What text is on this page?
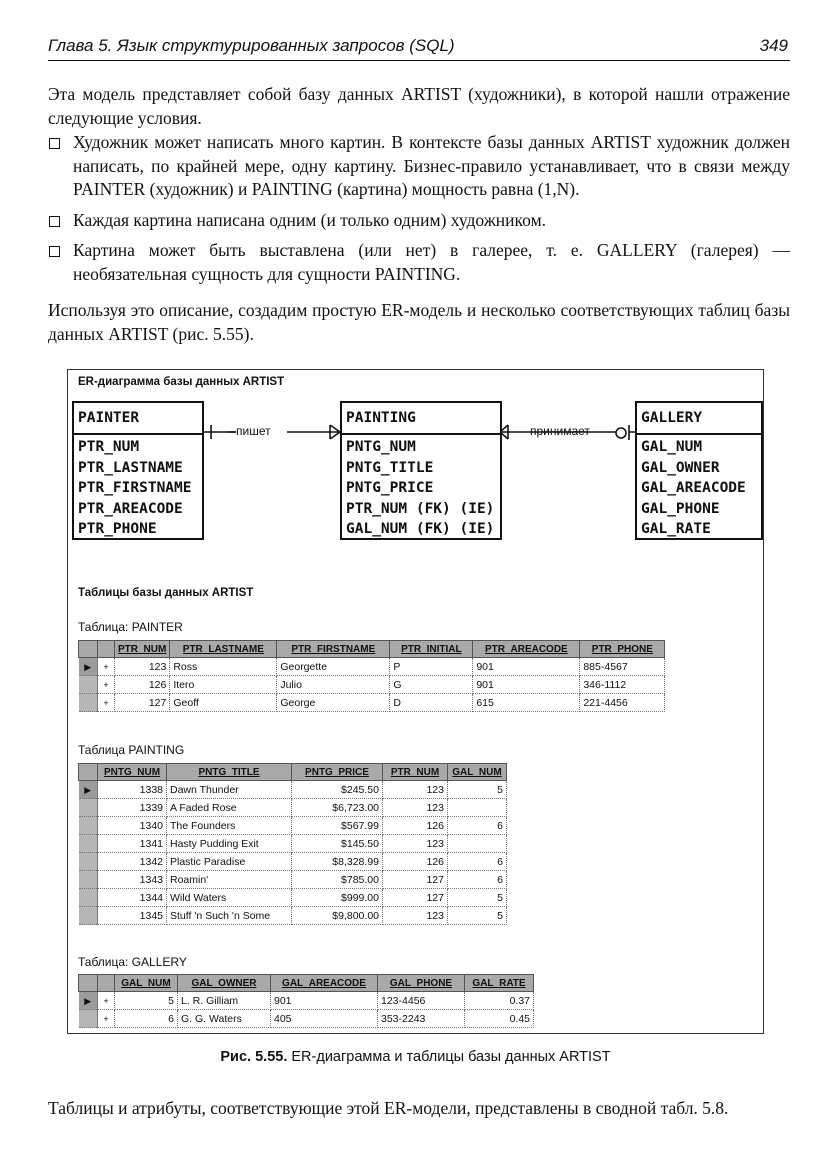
Глава 5. Язык структурированных запросов (SQL)	349

Эта модель представляет собой базу данных ARTIST (художники), в которой нашли отражение следующие условия.

Художник может написать много картин. В контексте базы данных ARTIST художник должен написать, по крайней мере, одну картину. Бизнес-правило устанавливает, что в связи между PAINTER (художник) и PAINTING (картина) мощность равна (1,N).
Каждая картина написана одним (и только одним) художником.
Картина может быть выставлена (или нет) в галерее, т. е. GALLERY (галерея) — необязательная сущность для сущности PAINTING.

Используя это описание, создадим простую ER-модель и несколько соответствующих таблиц базы данных ARTIST (рис. 5.55).

ER-диаграмма базы данных ARTIST
пишет	принимает
PAINTER
PTR_NUM
PTR_LASTNAME
PTR_FIRSTNAME
PTR_AREACODE
PTR_PHONE
PAINTING
PNTG_NUM
PNTG_TITLE
PNTG_PRICE
PTR_NUM (FK) (IE)
GAL_NUM (FK) (IE)
GALLERY
GAL_NUM
GAL_OWNER
GAL_AREACODE
GAL_PHONE
GAL_RATE
Таблицы базы данных ARTIST
Таблица: PAINTER
		PTR_NUM	PTR_LASTNAME	PTR_FIRSTNAME	PTR_INITIAL	PTR_AREACODE	PTR_PHONE
▶	+	123	Ross	Georgette	P	901	885-4567
	+	126	Itero	Julio	G	901	346-1112
	+	127	Geoff	George	D	615	221-4456
Таблица PAINTING
	PNTG_NUM	PNTG_TITLE	PNTG_PRICE	PTR_NUM	GAL_NUM
▶	1338	Dawn Thunder	$245.50	123	5
	1339	A Faded Rose	$6,723.00	123	
	1340	The Founders	$567.99	126	6
	1341	Hasty Pudding Exit	$145.50	123	
	1342	Plastic Paradise	$8,328.99	126	6
	1343	Roamin'	$785.00	127	6
	1344	Wild Waters	$999.00	127	5
	1345	Stuff 'n Such 'n Some	$9,800.00	123	5
Таблица: GALLERY
		GAL_NUM	GAL_OWNER	GAL_AREACODE	GAL_PHONE	GAL_RATE
▶	+	5	L. R. Gilliam	901	123-4456	0.37
	+	6	G. G. Waters	405	353-2243	0.45
Рис. 5.55. ER-диаграмма и таблицы базы данных ARTIST

Таблицы и атрибуты, соответствующие этой ER-модели, представлены в сводной табл. 5.8.
